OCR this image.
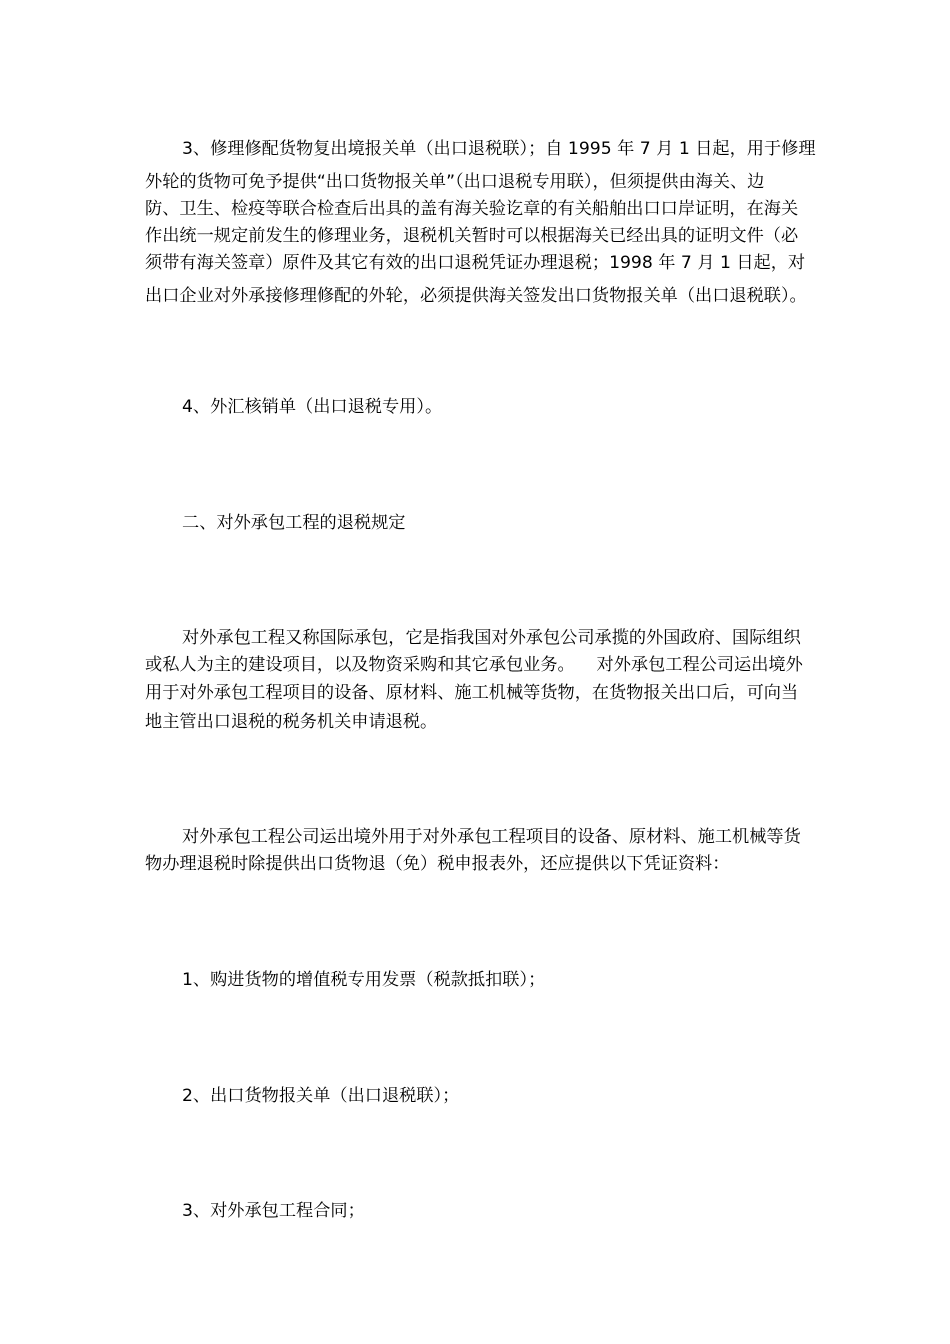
3、修理修配货物复出境报关单（出口退税联）；自 1995 年 7 月 1 日起，用于修理

外轮的货物可免予提供“出口货物报关单”（出口退税专用联），但须提供由海关、边

防、卫生、检疫等联合检查后出具的盖有海关验讫章的有关船舶出口口岸证明，在海关

作出统一规定前发生的修理业务，退税机关暂时可以根据海关已经出具的证明文件（必

须带有海关签章）原件及其它有效的出口退税凭证办理退税；1998 年 7 月 1 日起，对

出口企业对外承接修理修配的外轮，必须提供海关签发出口货物报关单（出口退税联）。

4、外汇核销单（出口退税专用）。

二、对外承包工程的退税规定

对外承包工程又称国际承包，它是指我国对外承包公司承揽的外国政府、国际组织

或私人为主的建设项目，以及物资采购和其它承包业务。    对外承包工程公司运出境外

用于对外承包工程项目的设备、原材料、施工机械等货物，在货物报关出口后，可向当

地主管出口退税的税务机关申请退税。

对外承包工程公司运出境外用于对外承包工程项目的设备、原材料、施工机械等货

物办理退税时除提供出口货物退（免）税申报表外，还应提供以下凭证资料：

1、购进货物的增值税专用发票（税款抵扣联）；

2、出口货物报关单（出口退税联）；

3、对外承包工程合同；
